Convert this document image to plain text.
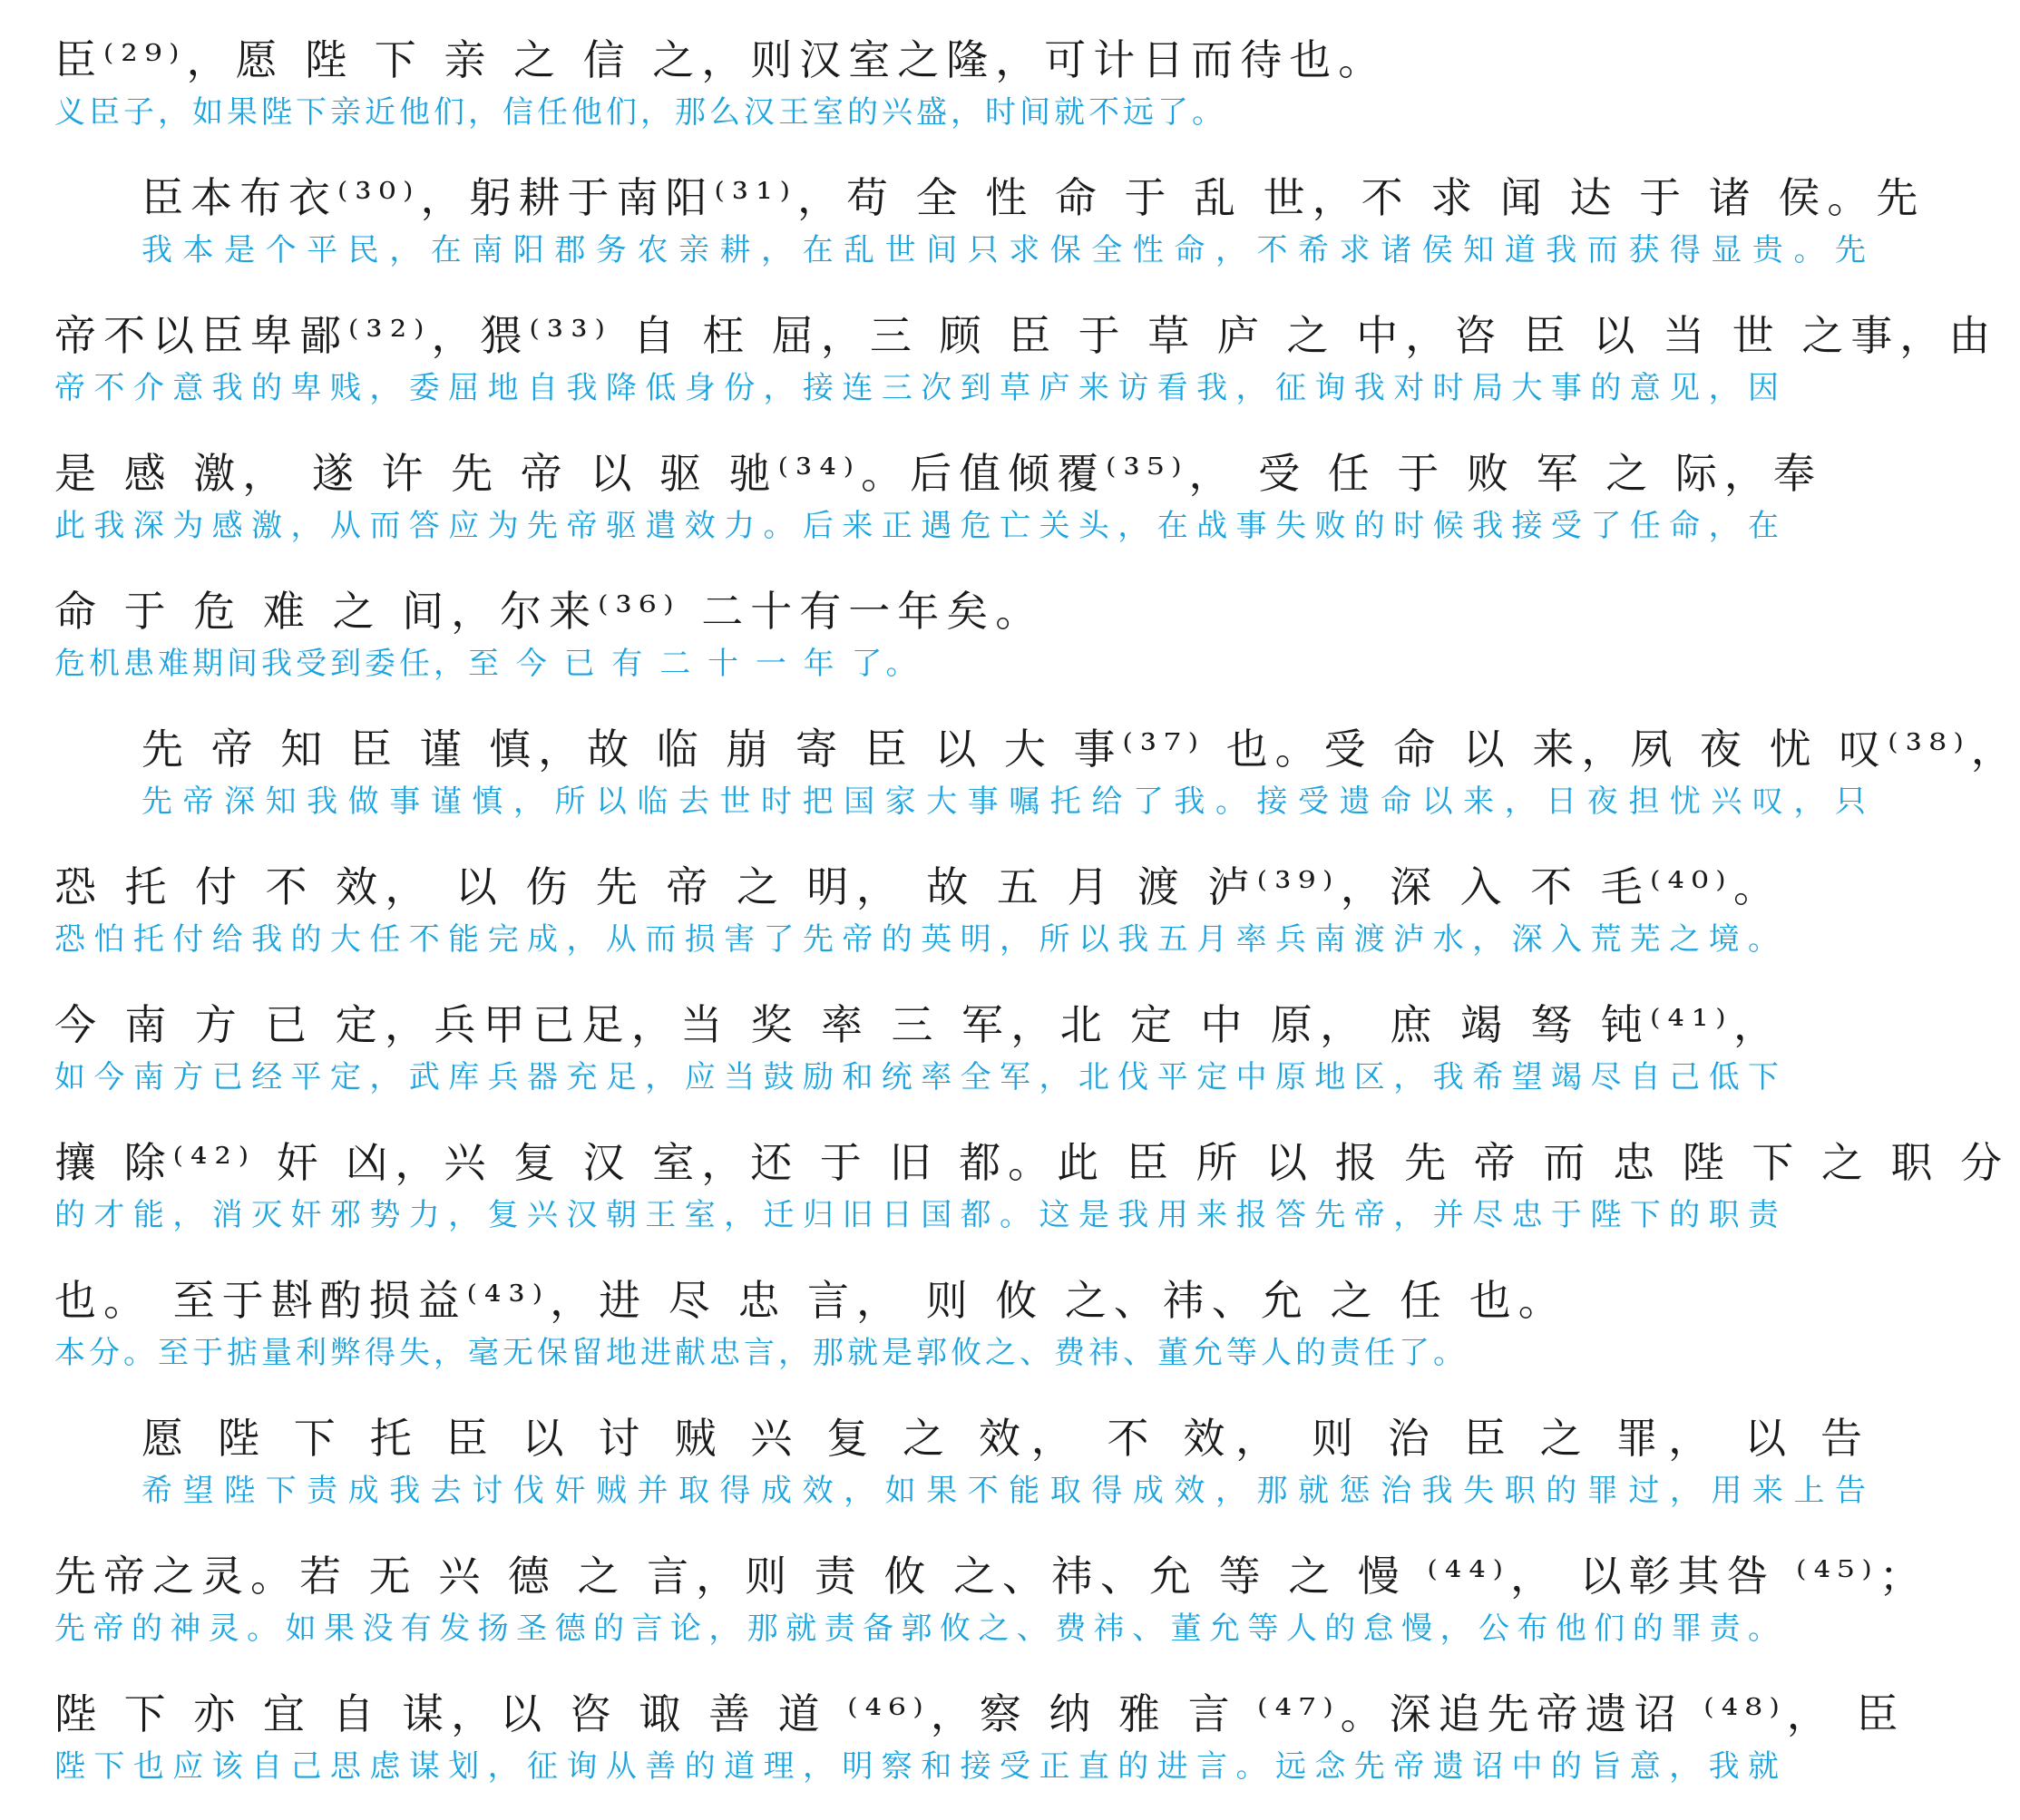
臣⁽²⁹⁾，愿 陛 下 亲 之 信 之，则汉室之隆，可计日而待也。
义臣子，如果陛下亲近他们，信任他们，那么汉王室的兴盛，时间就不远了。
臣本布衣⁽³⁰⁾，躬耕于南阳⁽³¹⁾，苟 全 性 命 于 乱 世，不 求 闻 达 于 诸 侯。先
我本是个平民，在南阳郡务农亲耕，在乱世间只求保全性命，不希求诸侯知道我而获得显贵。先
帝不以臣卑鄙⁽³²⁾，猥⁽³³⁾ 自 枉 屈，三 顾 臣 于 草 庐 之 中，咨 臣 以 当 世 之事，由
帝不介意我的卑贱，委屈地自我降低身份，接连三次到草庐来访看我，征询我对时局大事的意见，因
是 感 激， 遂 许 先 帝 以 驱 驰⁽³⁴⁾。后值倾覆⁽³⁵⁾， 受 任 于 败 军 之 际，奉
此我深为感激，从而答应为先帝驱遣效力。后来正遇危亡关头，在战事失败的时候我接受了任命，在
命 于 危 难 之 间，尔来⁽³⁶⁾ 二十有一年矣。
危机患难期间我受到委任，至 今 已 有 二 十 一 年 了。
先 帝 知 臣 谨 慎，故 临 崩 寄 臣 以 大 事⁽³⁷⁾ 也。受 命 以 来，夙 夜 忧 叹⁽³⁸⁾，
先帝深知我做事谨慎，所以临去世时把国家大事嘱托给了我。接受遗命以来，日夜担忧兴叹，只
恐 托 付 不 效， 以 伤 先 帝 之 明， 故 五 月 渡 泸⁽³⁹⁾，深 入 不 毛⁽⁴⁰⁾。
恐怕托付给我的大任不能完成，从而损害了先帝的英明，所以我五月率兵南渡泸水，深入荒芜之境。
今 南 方 已 定，兵甲已足，当 奖 率 三 军，北 定 中 原， 庶 竭 驽 钝⁽⁴¹⁾，
如今南方已经平定，武库兵器充足，应当鼓励和统率全军，北伐平定中原地区，我希望竭尽自己低下
攘 除⁽⁴²⁾ 奸 凶，兴 复 汉 室，还 于 旧 都。此 臣 所 以 报 先 帝 而 忠 陛 下 之 职 分
的才能，消灭奸邪势力，复兴汉朝王室，迁归旧日国都。这是我用来报答先帝，并尽忠于陛下的职责
也。 至于斟酌损益⁽⁴³⁾，进 尽 忠 言， 则 攸 之、祎、允 之 任 也。
本分。至于掂量利弊得失，毫无保留地进献忠言，那就是郭攸之、费祎、董允等人的责任了。
愿 陛 下 托 臣 以 讨 贼 兴 复 之 效， 不 效， 则 治 臣 之 罪， 以 告
希望陛下责成我去讨伐奸贼并取得成效，如果不能取得成效，那就惩治我失职的罪过，用来上告
先帝之灵。若 无 兴 德 之 言，则 责 攸 之、祎、允 等 之 慢 ⁽⁴⁴⁾， 以彰其咎 ⁽⁴⁵⁾；
先帝的神灵。如果没有发扬圣德的言论，那就责备郭攸之、费祎、董允等人的怠慢，公布他们的罪责。
陛 下 亦 宜 自 谋，以 咨 诹 善 道 ⁽⁴⁶⁾，察 纳 雅 言 ⁽⁴⁷⁾。深追先帝遗诏 ⁽⁴⁸⁾， 臣
陛下也应该自己思虑谋划，征询从善的道理，明察和接受正直的进言。远念先帝遗诏中的旨意，我就
